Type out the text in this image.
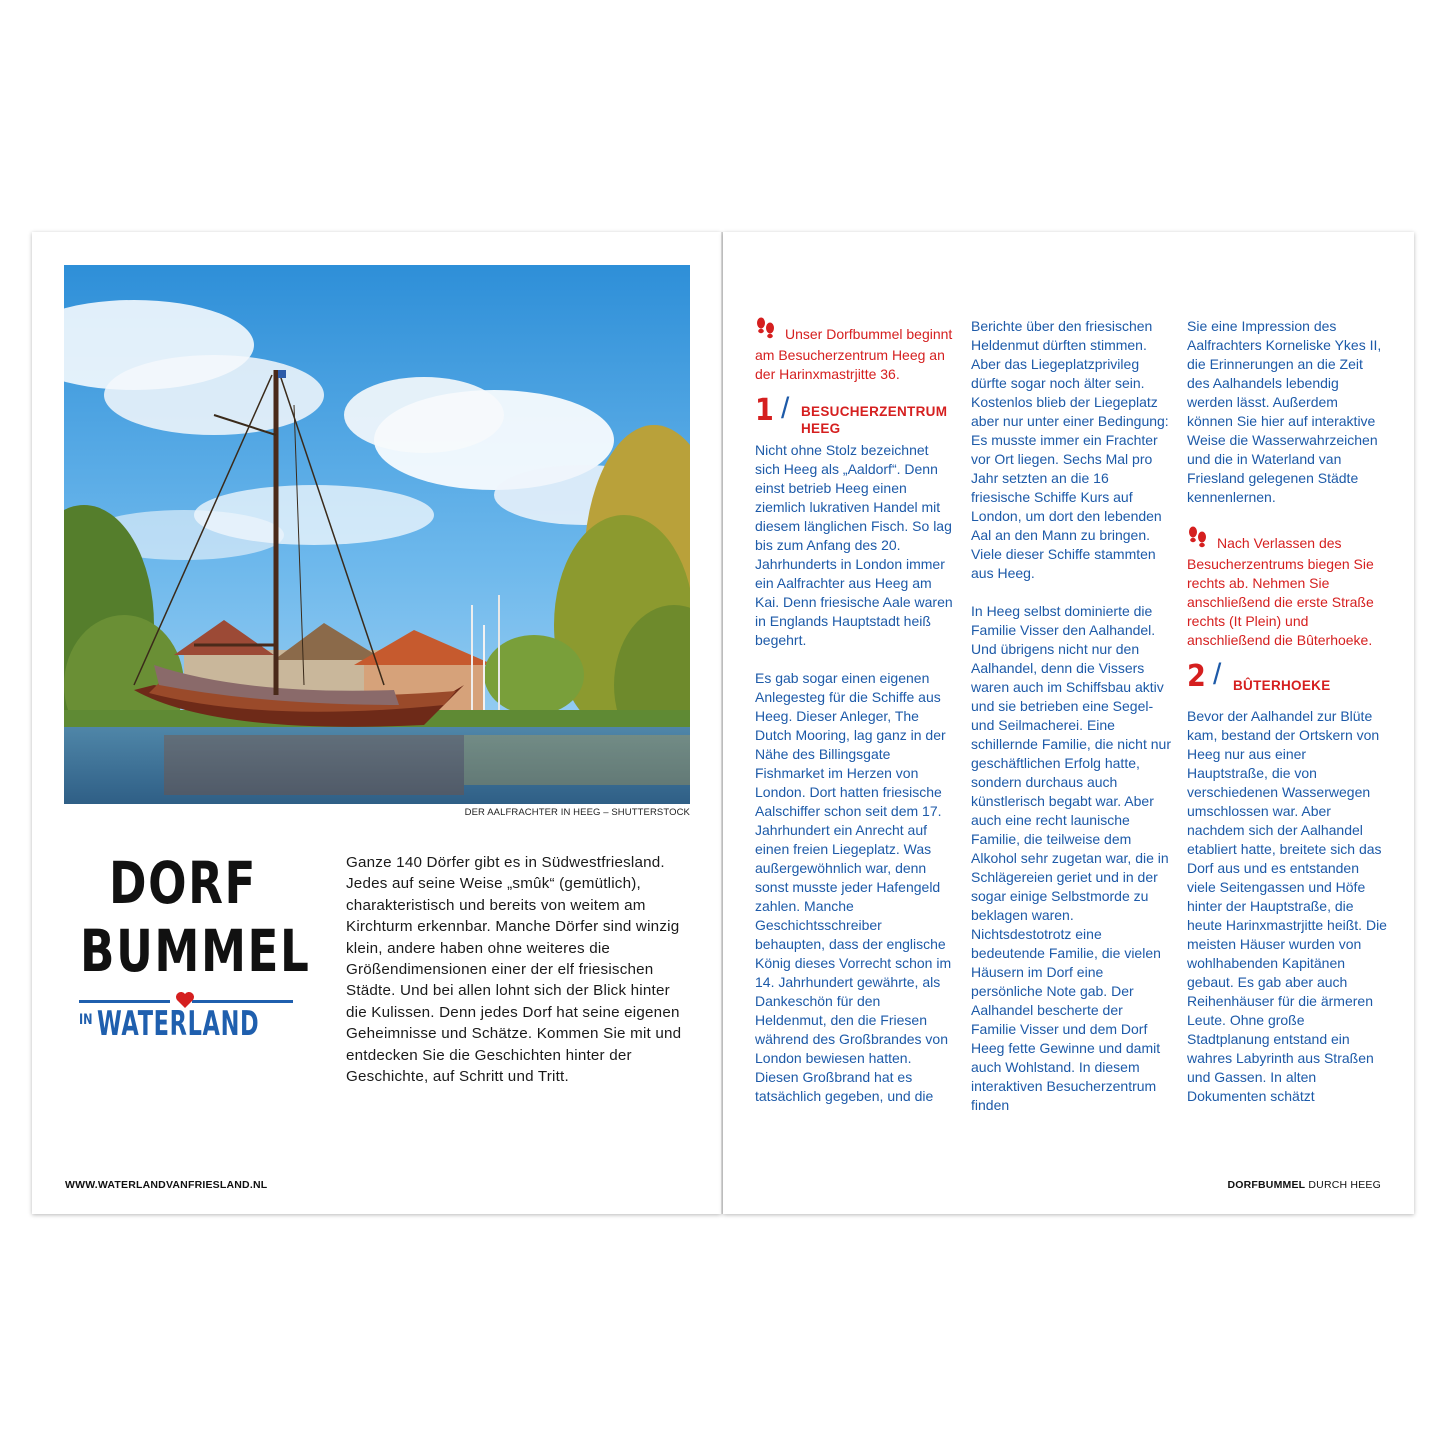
DER AALFRACHTER IN HEEG – SHUTTERSTOCK
DORF
BUMMEL
IN WATERLAND
Ganze 140 Dörfer gibt es in Südwestfriesland. Jedes auf seine Weise „smûk“ (gemütlich), charakteristisch und bereits von weitem am Kirchturm erkennbar. Manche Dörfer sind winzig klein, andere haben ohne weiteres die Größendimensionen einer der elf friesischen Städte. Und bei allen lohnt sich der Blick hinter die Kulissen. Denn jedes Dorf hat seine eigenen Geheimnisse und Schätze. Kommen Sie mit und entdecken Sie die Geschichten hinter der Geschichte, auf Schritt und Tritt.
WWW.WATERLANDVANFRIESLAND.NL

Unser Dorfbummel beginnt am Besucherzentrum Heeg an der Harinxmastrjitte 36.

1 / BESUCHERZENTRUM HEEG

Nicht ohne Stolz bezeichnet sich Heeg als „Aaldorf“. Denn einst betrieb Heeg einen ziemlich lukrativen Handel mit diesem länglichen Fisch. So lag bis zum Anfang des 20. Jahrhunderts in London immer ein Aalfrachter aus Heeg am Kai. Denn friesische Aale waren in Englands Hauptstadt heiß begehrt.

Es gab sogar einen eigenen Anlegesteg für die Schiffe aus Heeg. Dieser Anleger, The Dutch Mooring, lag ganz in der Nähe des Billingsgate Fishmarket im Herzen von London. Dort hatten friesische Aalschiffer schon seit dem 17. Jahrhundert ein Anrecht auf einen freien Liegeplatz. Was außergewöhnlich war, denn sonst musste jeder Hafengeld zahlen. Manche Geschichtsschreiber behaupten, dass der englische König dieses Vorrecht schon im 14. Jahrhundert gewährte, als Dankeschön für den Heldenmut, den die Friesen während des Großbrandes von London bewiesen hatten. Diesen Großbrand hat es tatsächlich gegeben, und die

Berichte über den friesischen Heldenmut dürften stimmen. Aber das Liegeplatzprivileg dürfte sogar noch älter sein. Kostenlos blieb der Liegeplatz aber nur unter einer Bedingung: Es musste immer ein Frachter vor Ort liegen. Sechs Mal pro Jahr setzten an die 16 friesische Schiffe Kurs auf London, um dort den lebenden Aal an den Mann zu bringen. Viele dieser Schiffe stammten aus Heeg.

In Heeg selbst dominierte die Familie Visser den Aalhandel. Und übrigens nicht nur den Aalhandel, denn die Vissers waren auch im Schiffsbau aktiv und sie betrieben eine Segel- und Seilmacherei. Eine schillernde Familie, die nicht nur geschäftlichen Erfolg hatte, sondern durchaus auch künstlerisch begabt war. Aber auch eine recht launische Familie, die teilweise dem Alkohol sehr zugetan war, die in Schlägereien geriet und in der sogar einige Selbstmorde zu beklagen waren. Nichtsdestotrotz eine bedeutende Familie, die vielen Häusern im Dorf eine persönliche Note gab. Der Aalhandel bescherte der Familie Visser und dem Dorf Heeg fette Gewinne und damit auch Wohlstand. In diesem interaktiven Besucherzentrum finden

Sie eine Impression des Aalfrachters Korneliske Ykes II, die Erinnerungen an die Zeit des Aalhandels lebendig werden lässt. Außerdem können Sie hier auf interaktive Weise die Wasserwahrzeichen und die in Waterland van Friesland gelegenen Städte kennenlernen.

Nach Verlassen des Besucherzentrums biegen Sie rechts ab. Nehmen Sie anschließend die erste Straße rechts (It Plein) und anschließend die Bûterhoeke.

2 / BÛTERHOEKE

Bevor der Aalhandel zur Blüte kam, bestand der Ortskern von Heeg nur aus einer Hauptstraße, die von verschiedenen Wasserwegen umschlossen war. Aber nachdem sich der Aalhandel etabliert hatte, breitete sich das Dorf aus und es entstanden viele Seitengassen und Höfe hinter der Hauptstraße, die heute Harinxmastrjitte heißt. Die meisten Häuser wurden von wohlhabenden Kapitänen gebaut. Es gab aber auch Reihenhäuser für die ärmeren Leute. Ohne große Stadtplanung entstand ein wahres Labyrinth aus Straßen und Gassen. In alten Dokumenten schätzt

DORFBUMMEL DURCH HEEG
